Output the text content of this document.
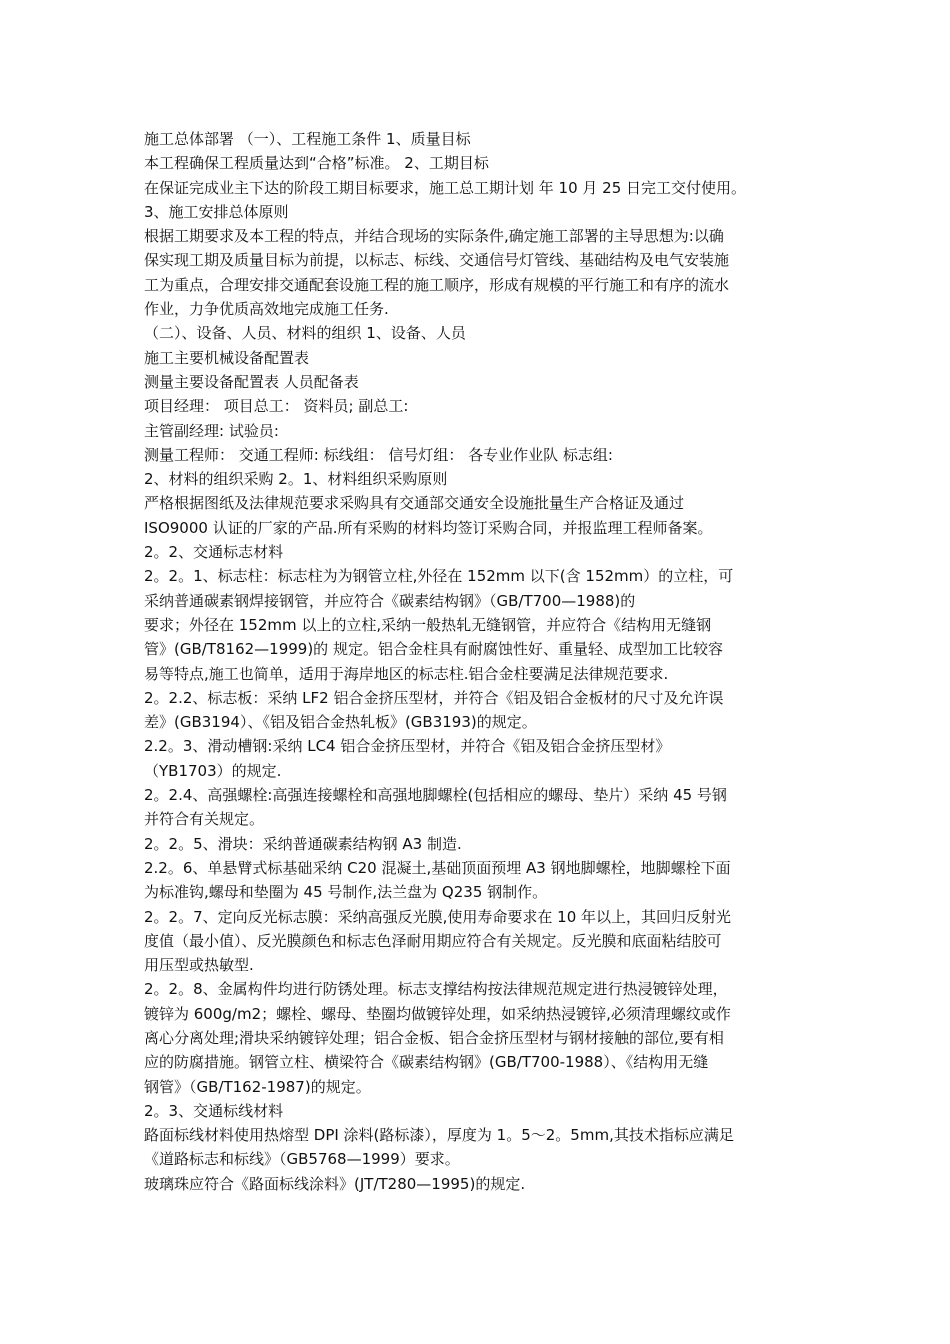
施工总体部署 （一）、工程施工条件 1、质量目标
本工程确保工程质量达到“合格”标准。 2、工期目标
在保证完成业主下达的阶段工期目标要求，施工总工期计划 年 10 月 25 日完工交付使用。
3、施工安排总体原则
根据工期要求及本工程的特点，并结合现场的实际条件,确定施工部署的主导思想为:以确
保实现工期及质量目标为前提，以标志、标线、交通信号灯管线、基础结构及电气安装施
工为重点，合理安排交通配套设施工程的施工顺序，形成有规模的平行施工和有序的流水
作业，力争优质高效地完成施工任务.
（二）、设备、人员、材料的组织 1、设备、人员
施工主要机械设备配置表
测量主要设备配置表 人员配备表
项目经理： 项目总工： 资料员; 副总工:
主管副经理: 试验员:
测量工程师： 交通工程师: 标线组： 信号灯组： 各专业作业队 标志组:
2、材料的组织采购 2。1、材料组织采购原则
严格根据图纸及法律规范要求采购具有交通部交通安全设施批量生产合格证及通过
ISO9000 认证的厂家的产品.所有采购的材料均签订采购合同，并报监理工程师备案。
2。2、交通标志材料
2。2。1、标志柱：标志柱为为钢管立柱,外径在 152mm 以下(含 152mm）的立柱，可
采纳普通碳素钢焊接钢管，并应符合《碳素结构钢》（GB/T700—1988)的
要求；外径在 152mm 以上的立柱,采纳一般热轧无缝钢管，并应符合《结构用无缝钢
管》(GB/T8162—1999)的 规定。铝合金柱具有耐腐蚀性好、重量轻、成型加工比较容
易等特点,施工也简单，适用于海岸地区的标志柱.铝合金柱要满足法律规范要求.
2。2.2、标志板：采纳 LF2 铝合金挤压型材，并符合《铝及铝合金板材的尺寸及允许误
差》(GB3194）、《铝及铝合金热轧板》(GB3193)的规定。
2.2。3、滑动槽钢:采纳 LC4 铝合金挤压型材，并符合《铝及铝合金挤压型材》
（YB1703）的规定.
2。2.4、高强螺栓:高强连接螺栓和高强地脚螺栓(包括相应的螺母、垫片）采纳 45 号钢
并符合有关规定。
2。2。5、滑块：采纳普通碳素结构钢 A3 制造.
2.2。6、单悬臂式标基础采纳 C20 混凝土,基础顶面预埋 A3 钢地脚螺栓，地脚螺栓下面
为标准钩,螺母和垫圈为 45 号制作,法兰盘为 Q235 钢制作。
2。2。7、定向反光标志膜：采纳高强反光膜,使用寿命要求在 10 年以上，其回归反射光
度值（最小值）、反光膜颜色和标志色泽耐用期应符合有关规定。反光膜和底面粘结胶可
用压型或热敏型.
2。2。8、金属构件均进行防锈处理。标志支撑结构按法律规范规定进行热浸镀锌处理，
镀锌为 600g/m2；螺栓、螺母、垫圈均做镀锌处理，如采纳热浸镀锌,必须清理螺纹或作
离心分离处理;滑块采纳镀锌处理；铝合金板、铝合金挤压型材与钢材接触的部位,要有相
应的防腐措施。钢管立柱、横梁符合《碳素结构钢》(GB/T700-1988）、《结构用无缝
钢管》（GB/T162-1987)的规定。
2。3、交通标线材料
路面标线材料使用热熔型 DPI 涂料(路标漆），厚度为 1。5～2。5mm,其技术指标应满足
《道路标志和标线》（GB5768—1999）要求。
玻璃珠应符合《路面标线涂料》(JT/T280—1995)的规定.
